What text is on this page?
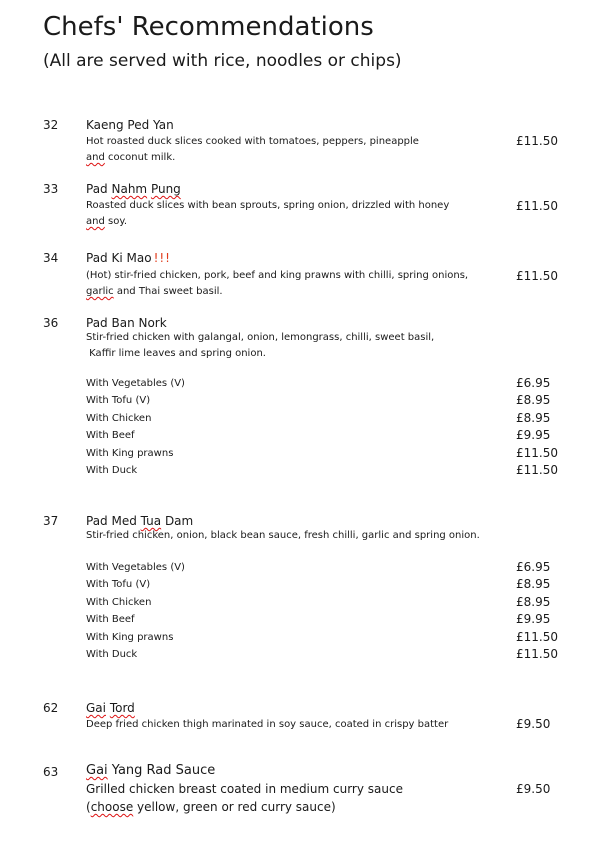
Chefs' Recommendations
(All are served with rice, noodles or chips)
32 Kaeng Ped Yan
Hot roasted duck slices cooked with tomatoes, peppers, pineapple
and coconut milk.
£11.50
33 Pad Nahm Pung
Roasted duck slices with bean sprouts, spring onion, drizzled with honey
and soy.
£11.50
34 Pad Ki Mao !!!
(Hot) stir-fried chicken, pork, beef and king prawns with chilli, spring onions,
garlic and Thai sweet basil.
£11.50
36 Pad Ban Nork
Stir-fried chicken with galangal, onion, lemongrass, chilli, sweet basil,
Kaffir lime leaves and spring onion.
With Vegetables (V)	£6.95
With Tofu (V)	£8.95
With Chicken	£8.95
With Beef	£9.95
With King prawns	£11.50
With Duck	£11.50
37 Pad Med Tua Dam
Stir-fried chicken, onion, black bean sauce, fresh chilli, garlic and spring onion.
With Vegetables (V)	£6.95
With Tofu (V)	£8.95
With Chicken	£8.95
With Beef	£9.95
With King prawns	£11.50
With Duck	£11.50
62 Gai Tord
Deep fried chicken thigh marinated in soy sauce, coated in crispy batter	£9.50
63 Gai Yang Rad Sauce
Grilled chicken breast coated in medium curry sauce
(choose yellow, green or red curry sauce)
£9.50
